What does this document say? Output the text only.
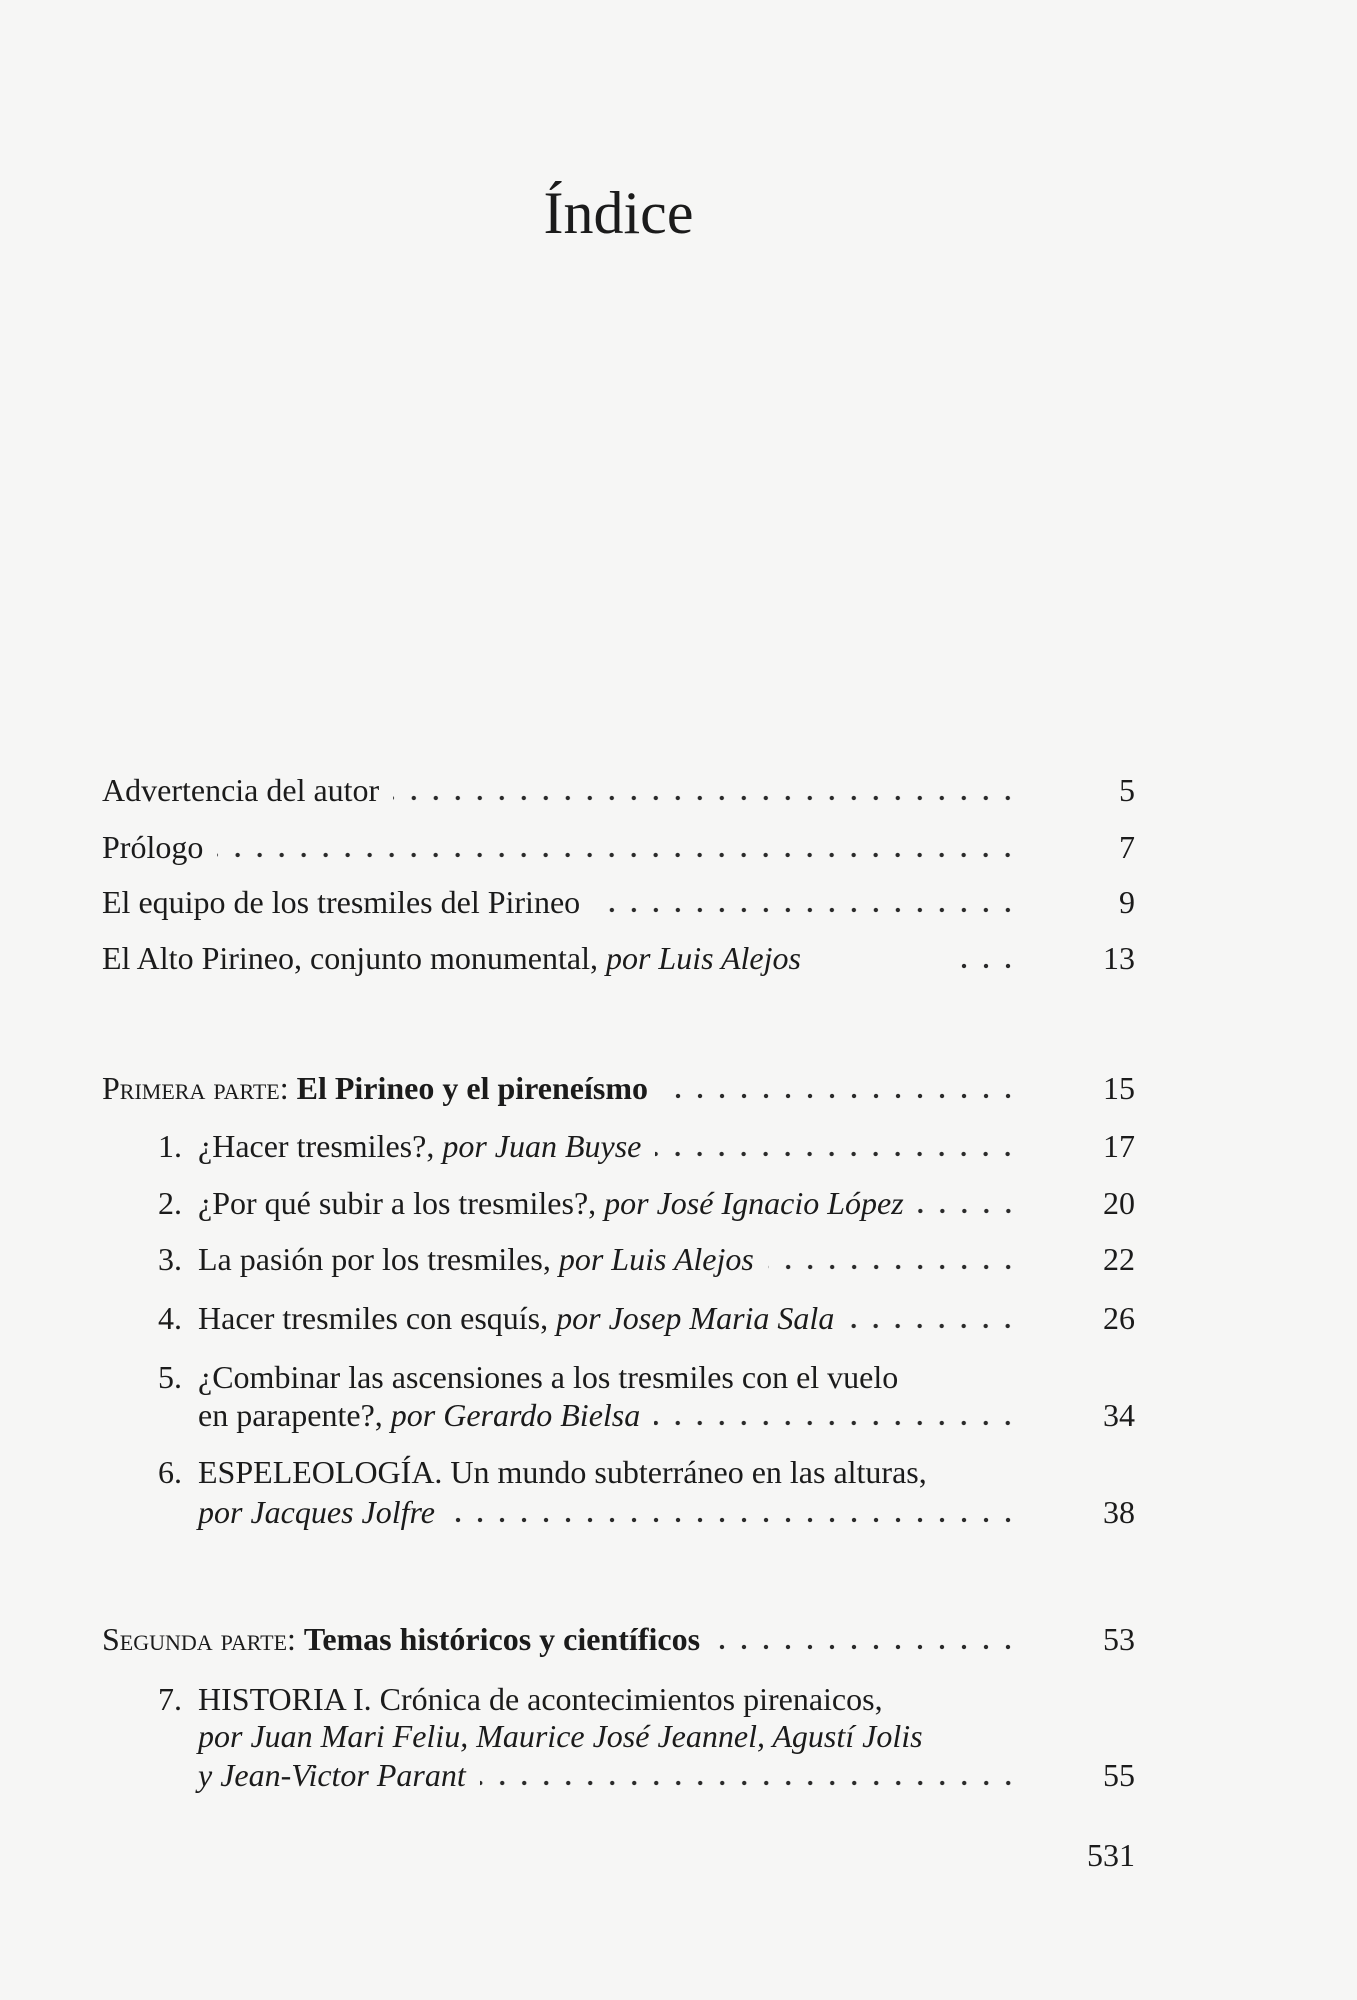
Índice
Advertencia del autor	5
Prólogo	7
El equipo de los tresmiles del Pirineo	9
El Alto Pirineo, conjunto monumental, por Luis Alejos	13
Primera parte: El Pirineo y el pireneísmo	15
1. ¿Hacer tresmiles?, por Juan Buyse	17
2. ¿Por qué subir a los tresmiles?, por José Ignacio López	20
3. La pasión por los tresmiles, por Luis Alejos	22
4. Hacer tresmiles con esquís, por Josep Maria Sala	26
5. ¿Combinar las ascensiones a los tresmiles con el vuelo
en parapente?, por Gerardo Bielsa	34
6. ESPELEOLOGÍA. Un mundo subterráneo en las alturas,
por Jacques Jolfre	38
Segunda parte: Temas históricos y científicos	53
7. HISTORIA I. Crónica de acontecimientos pirenaicos,
por Juan Mari Feliu, Maurice José Jeannel, Agustí Jolis
y Jean-Victor Parant	55
531
